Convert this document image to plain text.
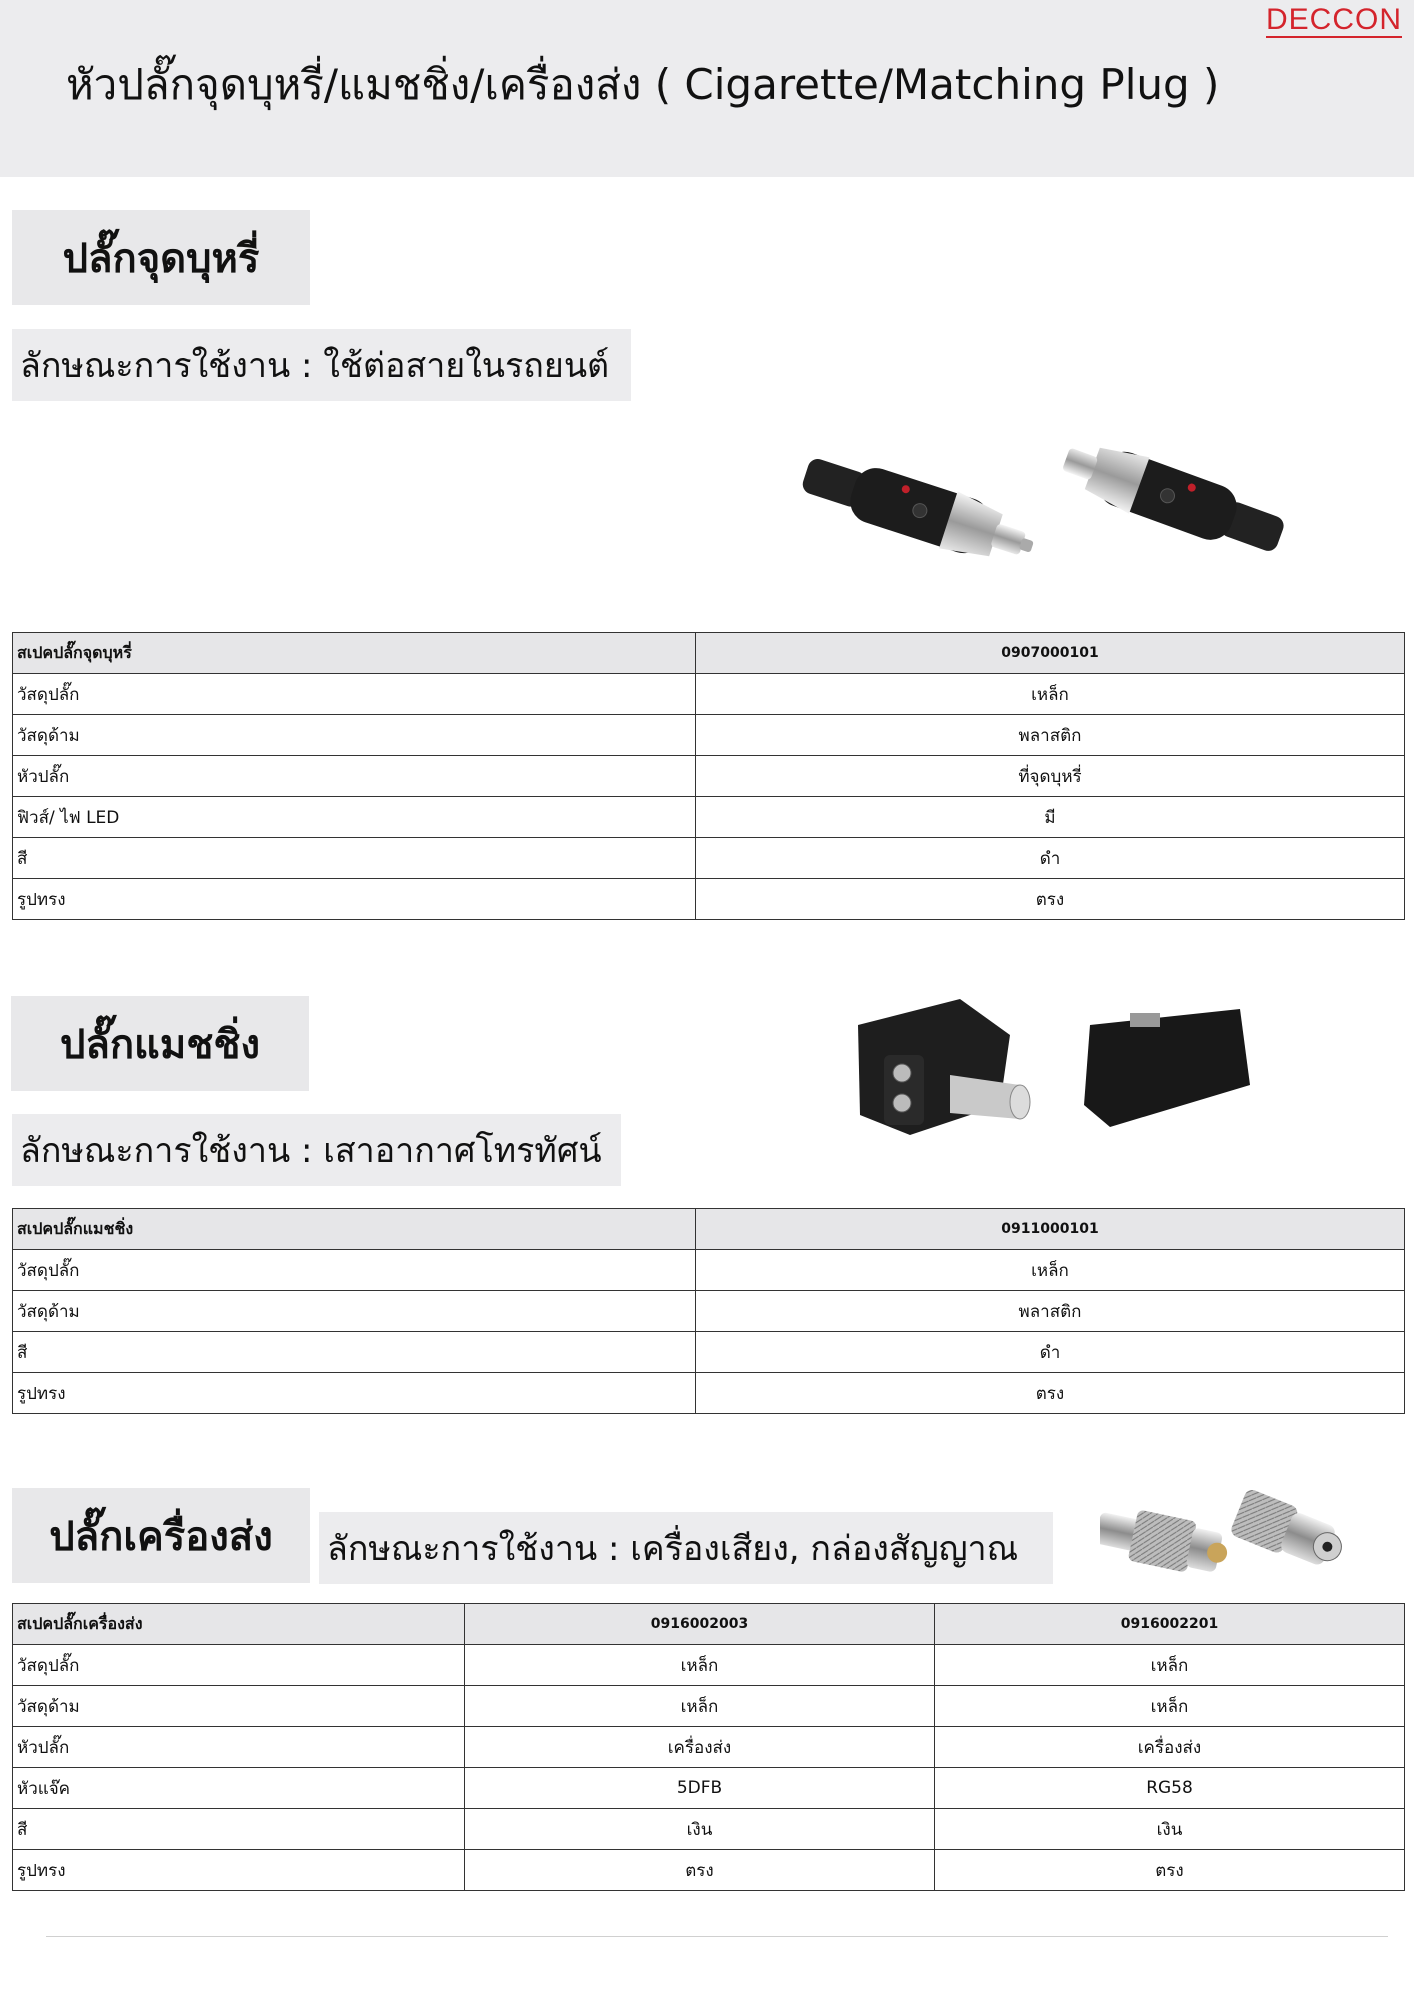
DECCON
หัวปลั๊กจุดบุหรี่/แมชชิ่ง/เครื่องส่ง ( Cigarette/Matching Plug )
ปลั๊กจุดบุหรี่
ลักษณะการใช้งาน : ใช้ต่อสายในรถยนต์
สเปคปลั๊กจุดบุหรี่	0907000101
วัสดุปลั๊ก	เหล็ก
วัสดุด้าม	พลาสติก
หัวปลั๊ก	ที่จุดบุหรี่
ฟิวส์/ ไฟ LED	มี
สี	ดำ
รูปทรง	ตรง
ปลั๊กแมชชิ่ง
ลักษณะการใช้งาน : เสาอากาศโทรทัศน์
สเปคปลั๊กแมชชิ่ง	0911000101
วัสดุปลั๊ก	เหล็ก
วัสดุด้าม	พลาสติก
สี	ดำ
รูปทรง	ตรง
ปลั๊กเครื่องส่ง	ลักษณะการใช้งาน : เครื่องเสียง, กล่องสัญญาณ
สเปคปลั๊กเครื่องส่ง	0916002003	0916002201
วัสดุปลั๊ก	เหล็ก	เหล็ก
วัสดุด้าม	เหล็ก	เหล็ก
หัวปลั๊ก	เครื่องส่ง	เครื่องส่ง
หัวแจ๊ค	5DFB	RG58
สี	เงิน	เงิน
รูปทรง	ตรง	ตรง
